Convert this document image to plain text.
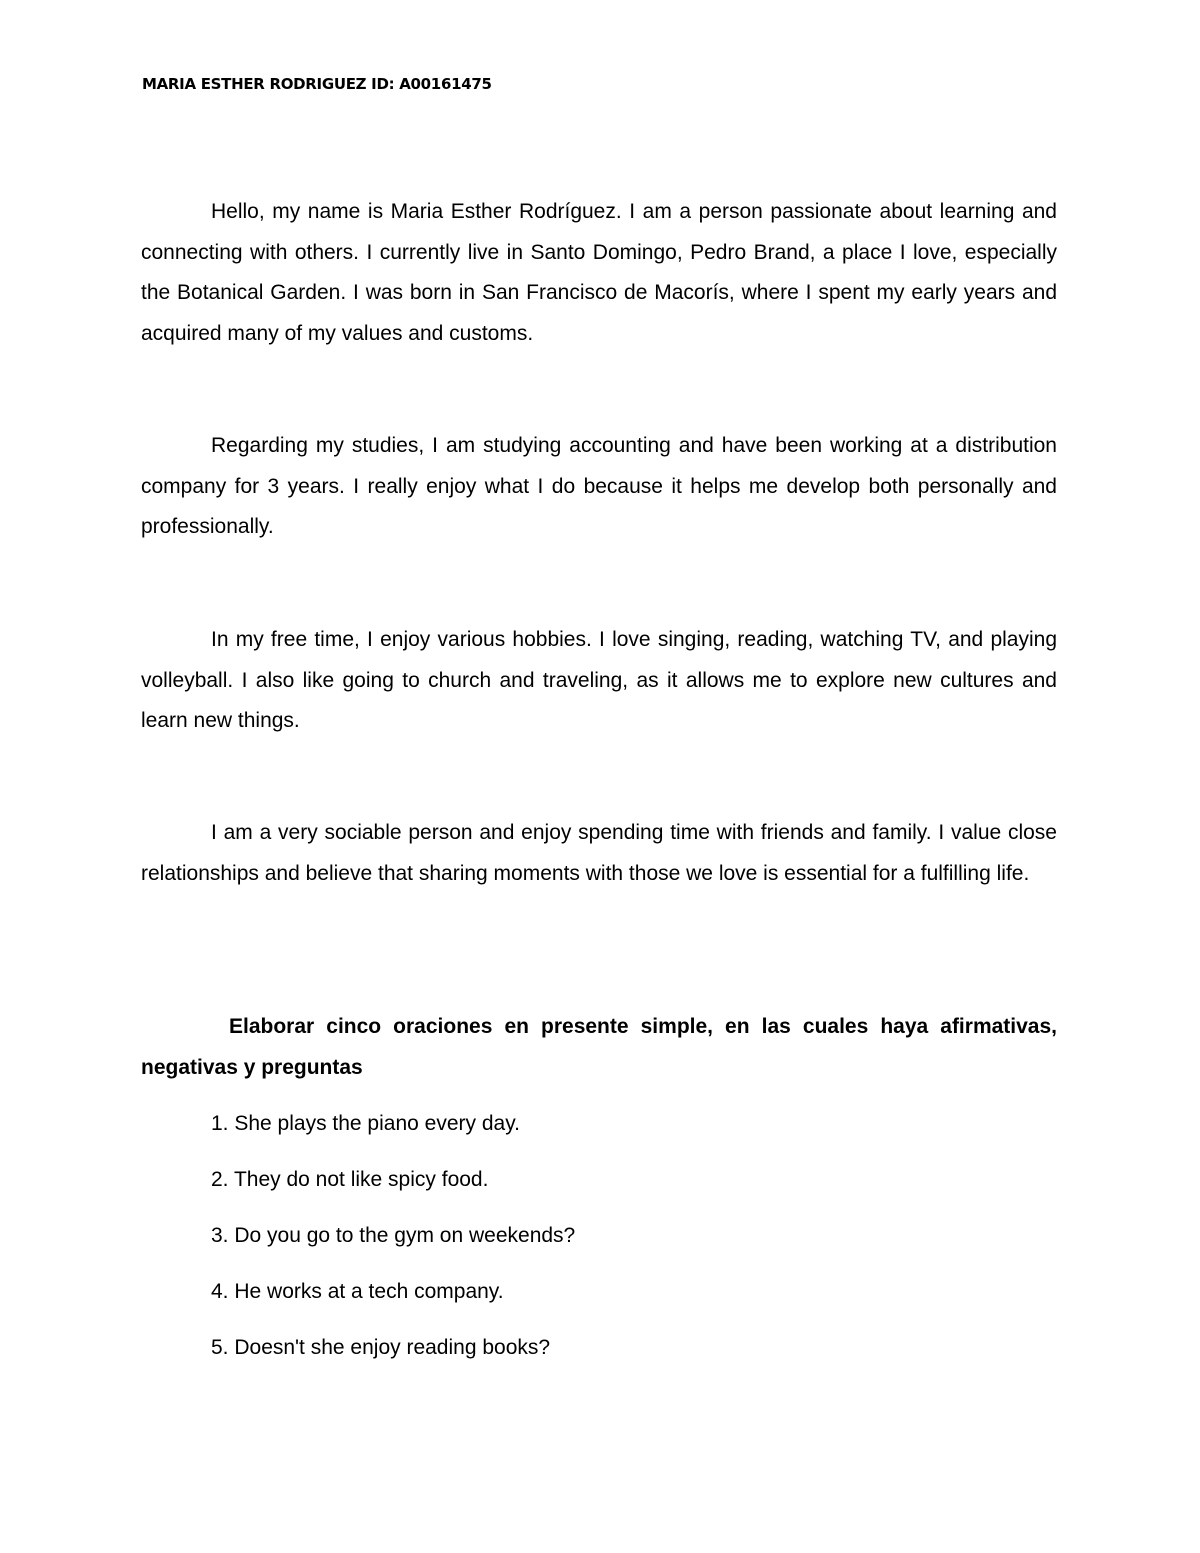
MARIA ESTHER RODRIGUEZ ID: A00161475

Hello, my name is Maria Esther Rodríguez. I am a person passionate about learning and connecting with others. I currently live in Santo Domingo, Pedro Brand, a place I love, especially the Botanical Garden. I was born in San Francisco de Macorís, where I spent my early years and acquired many of my values and customs.

Regarding my studies, I am studying accounting and have been working at a distribution company for 3 years. I really enjoy what I do because it helps me develop both personally and professionally.

In my free time, I enjoy various hobbies. I love singing, reading, watching TV, and playing volleyball. I also like going to church and traveling, as it allows me to explore new cultures and learn new things.

I am a very sociable person and enjoy spending time with friends and family. I value close relationships and believe that sharing moments with those we love is essential for a fulfilling life.

Elaborar cinco oraciones en presente simple, en las cuales haya afirmativas, negativas y preguntas

1. She plays the piano every day.
2. They do not like spicy food.
3. Do you go to the gym on weekends?
4. He works at a tech company.
5. Doesn't she enjoy reading books?
